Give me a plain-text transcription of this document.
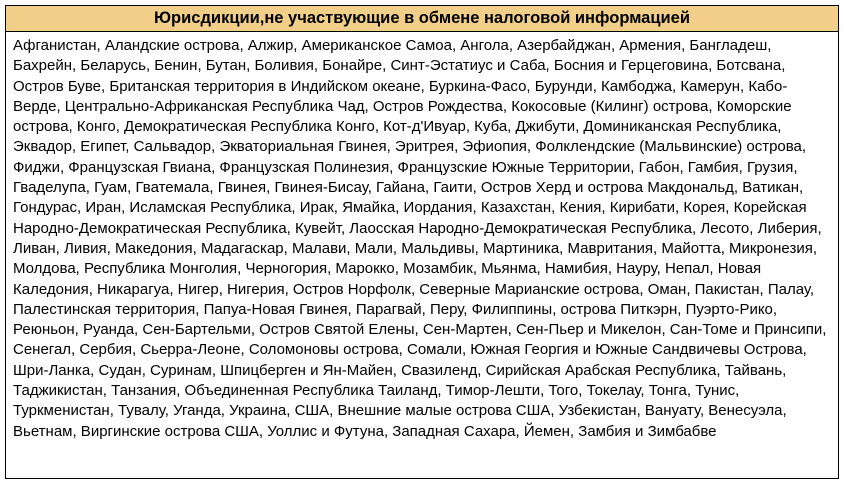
Юрисдикции,не участвующие в обмене налоговой информацией
Афганистан, Аландские острова, Алжир, Американское Самоа, Ангола, Азербайджан, Армения, Бангладеш, Бахрейн, Беларусь, Бенин, Бутан, Боливия, Бонайре, Синт-Эстатиус и Саба, Босния и Герцеговина, Ботсвана, Остров Буве, Британская территория в Индийском океане, Буркина-Фасо, Бурунди, Камбоджа, Камерун, Кабо-Верде, Центрально-Африканская Республика Чад, Остров Рождества, Кокосовые (Килинг) острова, Коморские острова, Конго, Демократическая Республика Конго, Кот-д'Ивуар, Куба, Джибути, Доминиканская Республика, Эквадор, Египет, Сальвадор, Экваториальная Гвинея, Эритрея, Эфиопия, Фолклендские (Мальвинские) острова, Фиджи, Французская Гвиана, Французская Полинезия, Французские Южные Территории, Габон, Гамбия, Грузия, Гваделупа, Гуам, Гватемала, Гвинея, Гвинея-Бисау, Гайана, Гаити, Остров Херд и острова Макдональд, Ватикан, Гондурас, Иран, Исламская Республика, Ирак, Ямайка, Иордания, Казахстан, Кения, Кирибати, Корея, Корейская Народно-Демократическая Республика, Кувейт, Лаосская Народно-Демократическая Республика, Лесото, Либерия, Ливан, Ливия, Македония, Мадагаскар, Малави, Мали, Мальдивы, Мартиника, Мавритания, Майотта, Микронезия, Молдова, Республика Монголия, Черногория, Марокко, Мозамбик, Мьянма, Намибия, Науру, Непал, Новая Каледония, Никарагуа, Нигер, Нигерия, Остров Норфолк, Северные Марианские острова, Оман, Пакистан, Палау, Палестинская территория, Папуа-Новая Гвинея, Парагвай, Перу, Филиппины, острова Питкэрн, Пуэрто-Рико, Реюньон, Руанда, Сен-Бартельми, Остров Святой Елены, Сен-Мартен, Сен-Пьер и Микелон, Сан-Томе и Принсипи, Сенегал, Сербия, Сьерра-Леоне, Соломоновы острова, Сомали, Южная Георгия и Южные Сандвичевы Острова, Шри-Ланка, Судан, Суринам, Шпицберген и Ян-Майен, Свазиленд, Сирийская Арабская Республика, Тайвань, Таджикистан, Танзания, Объединенная Республика Таиланд, Тимор-Лешти, Того, Токелау, Тонга, Тунис, Туркменистан, Тувалу, Уганда, Украина, США, Внешние малые острова США, Узбекистан, Вануату, Венесуэла, Вьетнам, Виргинские острова США, Уоллис и Футуна, Западная Сахара, Йемен, Замбия и Зимбабве
